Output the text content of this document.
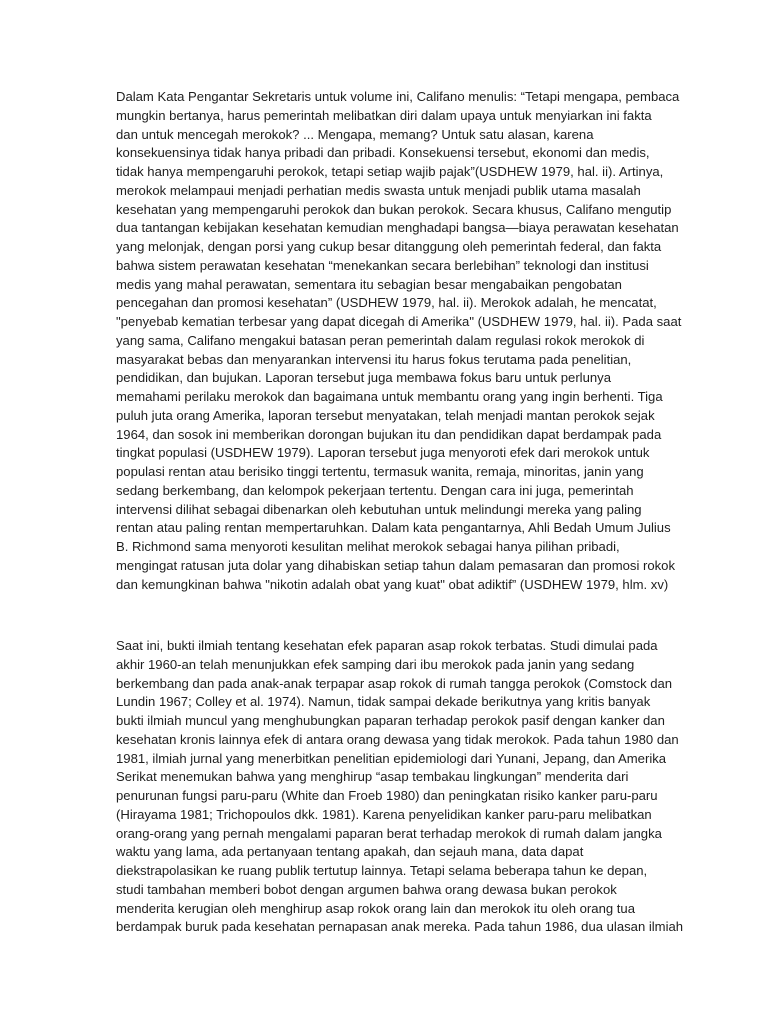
Dalam Kata Pengantar Sekretaris untuk volume ini, Califano menulis: “Tetapi mengapa, pembaca
mungkin bertanya, harus pemerintah melibatkan diri dalam upaya untuk menyiarkan ini fakta
dan untuk mencegah merokok? ... Mengapa, memang? Untuk satu alasan, karena
konsekuensinya tidak hanya pribadi dan pribadi. Konsekuensi tersebut, ekonomi dan medis,
tidak hanya mempengaruhi perokok, tetapi setiap wajib pajak”(USDHEW 1979, hal. ii). Artinya,
merokok melampaui menjadi perhatian medis swasta untuk menjadi publik utama masalah
kesehatan yang mempengaruhi perokok dan bukan perokok. Secara khusus, Califano mengutip
dua tantangan kebijakan kesehatan kemudian menghadapi bangsa—biaya perawatan kesehatan
yang melonjak, dengan porsi yang cukup besar ditanggung oleh pemerintah federal, dan fakta
bahwa sistem perawatan kesehatan “menekankan secara berlebihan” teknologi dan institusi
medis yang mahal perawatan, sementara itu sebagian besar mengabaikan pengobatan
pencegahan dan promosi kesehatan” (USDHEW 1979, hal. ii). Merokok adalah, he mencatat,
"penyebab kematian terbesar yang dapat dicegah di Amerika" (USDHEW 1979, hal. ii). Pada saat
yang sama, Califano mengakui batasan peran pemerintah dalam regulasi rokok merokok di
masyarakat bebas dan menyarankan intervensi itu harus fokus terutama pada penelitian,
pendidikan, dan bujukan. Laporan tersebut juga membawa fokus baru untuk perlunya
memahami perilaku merokok dan bagaimana untuk membantu orang yang ingin berhenti. Tiga
puluh juta orang Amerika, laporan tersebut menyatakan, telah menjadi mantan perokok sejak
1964, dan sosok ini memberikan dorongan bujukan itu dan pendidikan dapat berdampak pada
tingkat populasi (USDHEW 1979). Laporan tersebut juga menyoroti efek dari merokok untuk
populasi rentan atau berisiko tinggi tertentu, termasuk wanita, remaja, minoritas, janin yang
sedang berkembang, dan kelompok pekerjaan tertentu. Dengan cara ini juga, pemerintah
intervensi dilihat sebagai dibenarkan oleh kebutuhan untuk melindungi mereka yang paling
rentan atau paling rentan mempertaruhkan. Dalam kata pengantarnya, Ahli Bedah Umum Julius
B. Richmond sama menyoroti kesulitan melihat merokok sebagai hanya pilihan pribadi,
mengingat ratusan juta dolar yang dihabiskan setiap tahun dalam pemasaran dan promosi rokok
dan kemungkinan bahwa "nikotin adalah obat yang kuat" obat adiktif” (USDHEW 1979, hlm. xv)

Saat ini, bukti ilmiah tentang kesehatan efek paparan asap rokok terbatas. Studi dimulai pada
akhir 1960-an telah menunjukkan efek samping dari ibu merokok pada janin yang sedang
berkembang dan pada anak-anak terpapar asap rokok di rumah tangga perokok (Comstock dan
Lundin 1967; Colley et al. 1974). Namun, tidak sampai dekade berikutnya yang kritis banyak
bukti ilmiah muncul yang menghubungkan paparan terhadap perokok pasif dengan kanker dan
kesehatan kronis lainnya efek di antara orang dewasa yang tidak merokok. Pada tahun 1980 dan
1981, ilmiah jurnal yang menerbitkan penelitian epidemiologi dari Yunani, Jepang, dan Amerika
Serikat menemukan bahwa yang menghirup “asap tembakau lingkungan” menderita dari
penurunan fungsi paru-paru (White dan Froeb 1980) dan peningkatan risiko kanker paru-paru
(Hirayama 1981; Trichopoulos dkk. 1981). Karena penyelidikan kanker paru-paru melibatkan
orang-orang yang pernah mengalami paparan berat terhadap merokok di rumah dalam jangka
waktu yang lama, ada pertanyaan tentang apakah, dan sejauh mana, data dapat
diekstrapolasikan ke ruang publik tertutup lainnya. Tetapi selama beberapa tahun ke depan,
studi tambahan memberi bobot dengan argumen bahwa orang dewasa bukan perokok
menderita kerugian oleh menghirup asap rokok orang lain dan merokok itu oleh orang tua
berdampak buruk pada kesehatan pernapasan anak mereka. Pada tahun 1986, dua ulasan ilmiah
